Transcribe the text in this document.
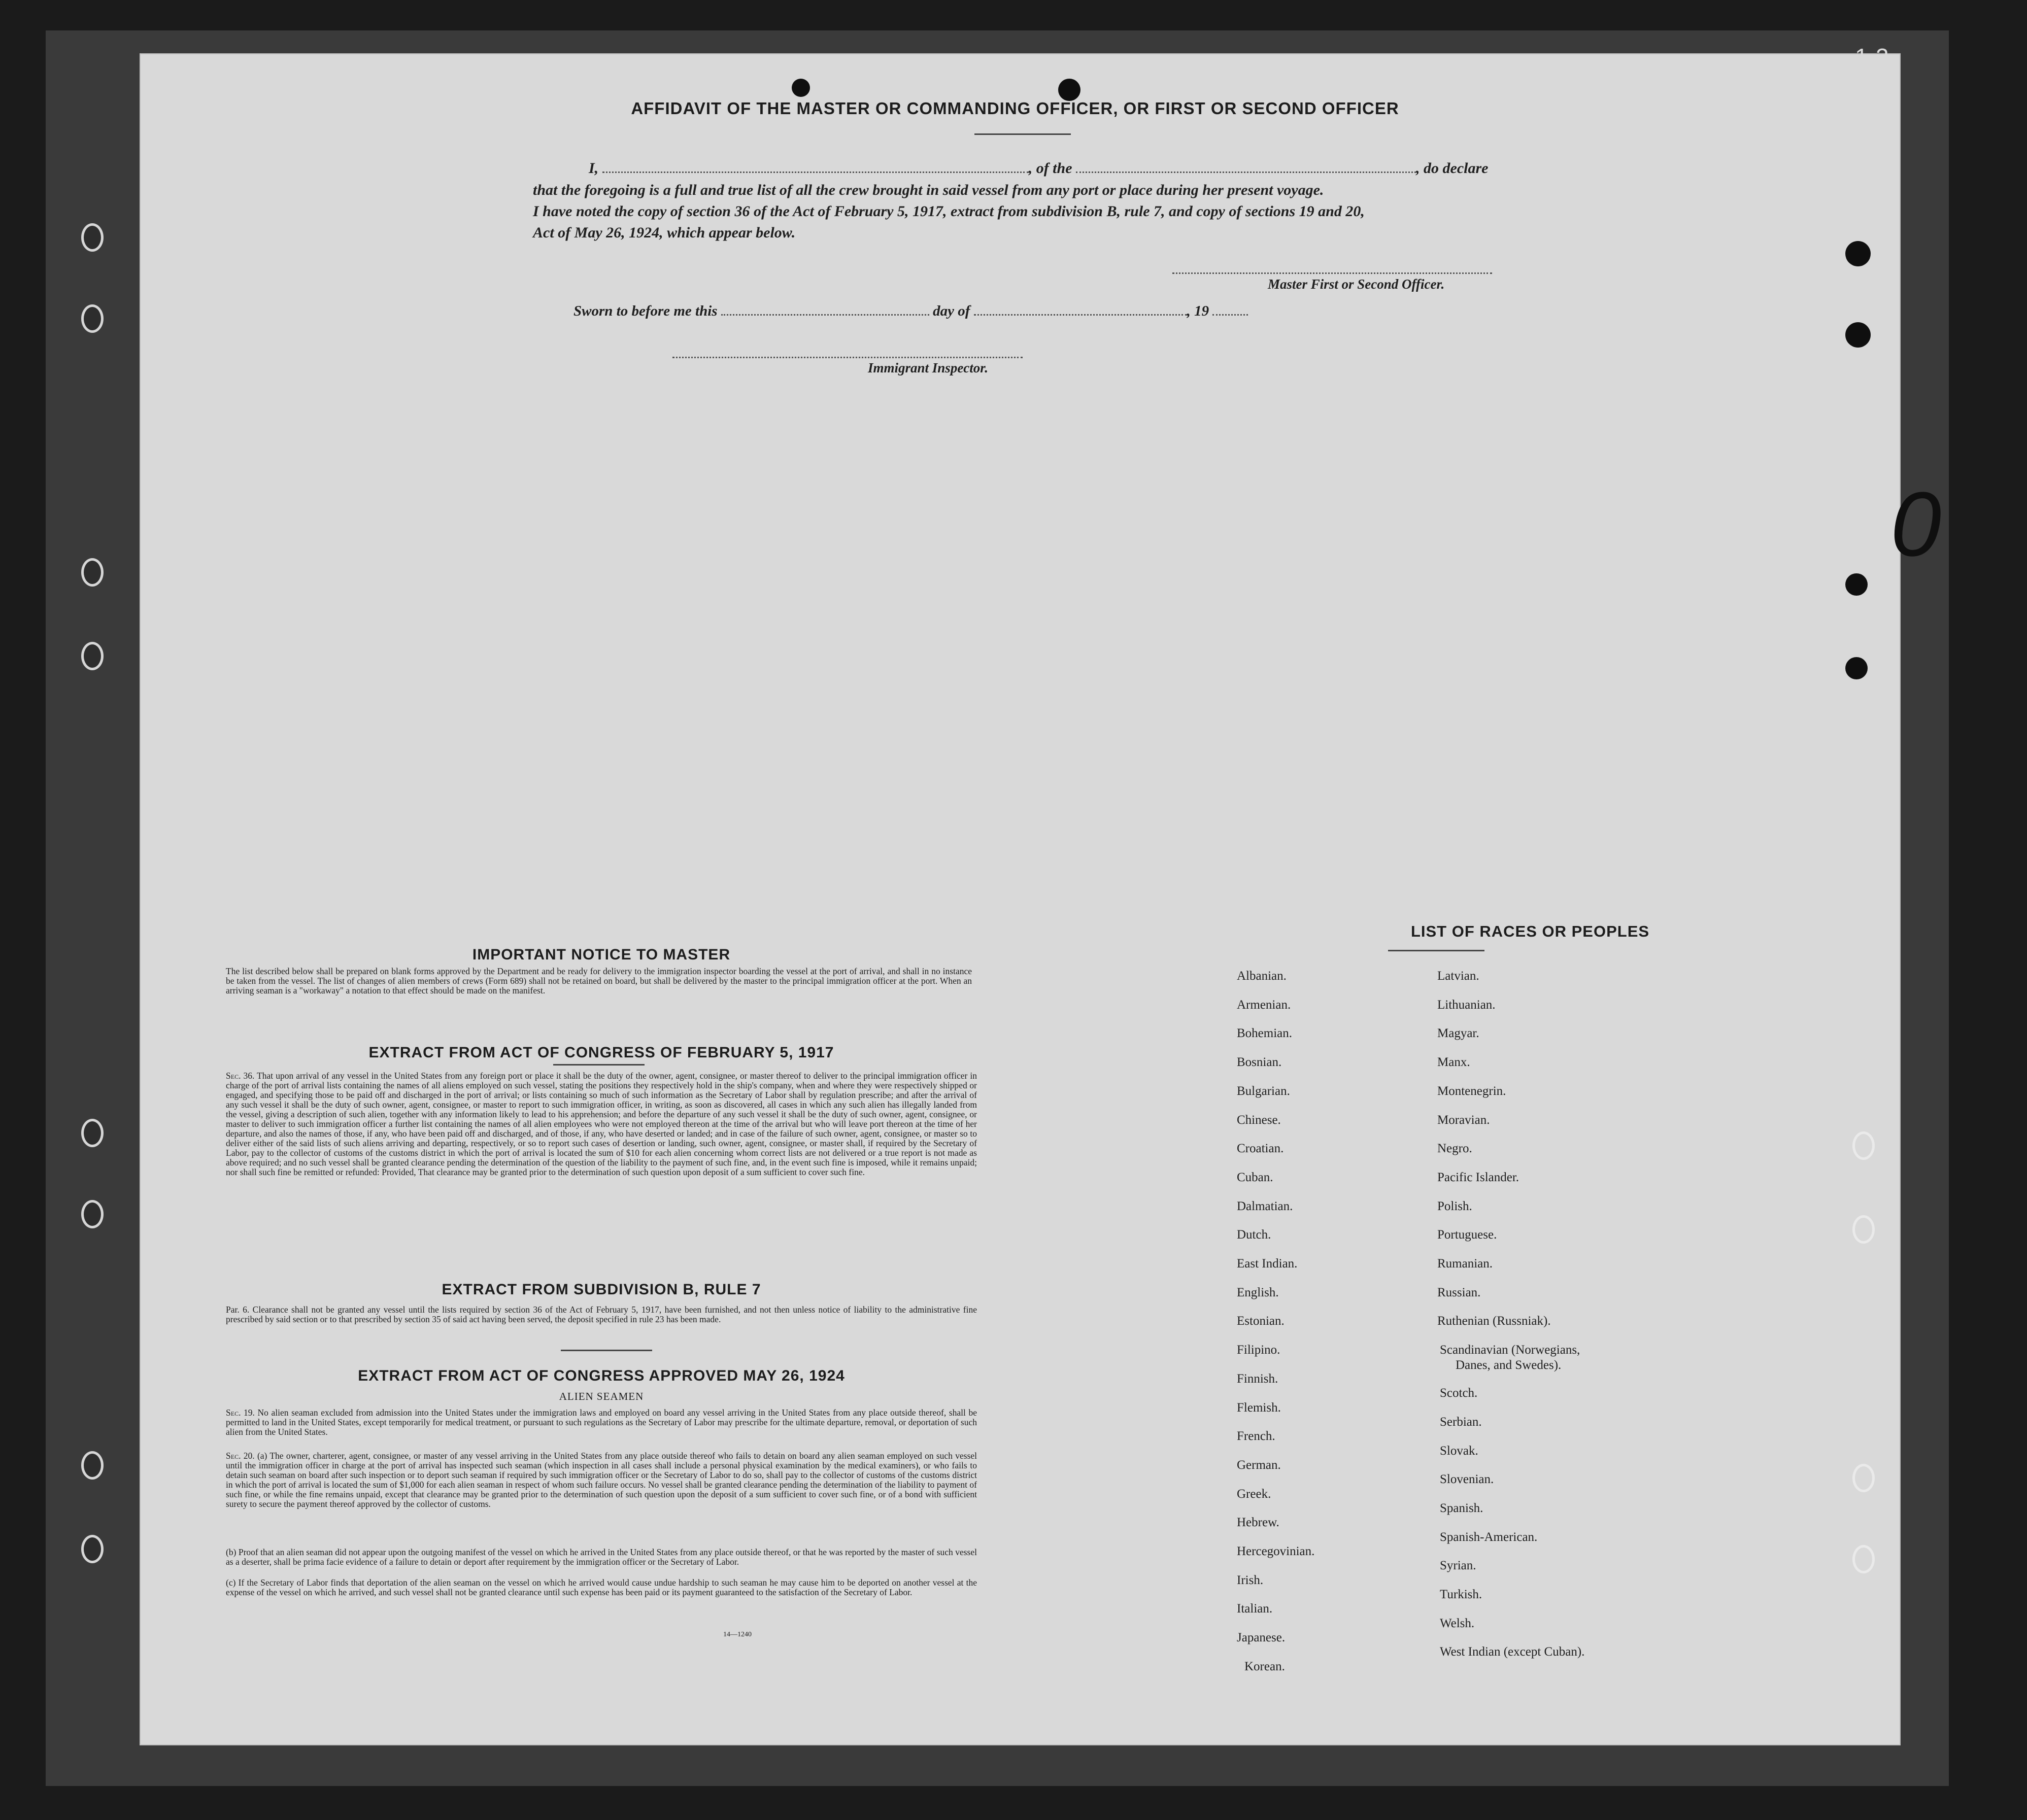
1-2
0
AFFIDAVIT OF THE MASTER OR COMMANDING OFFICER, OR FIRST OR SECOND OFFICER
I,	, of the	, do declare
that the foregoing is a full and true list of all the crew brought in said vessel from any port or place during her present voyage.
I have noted the copy of section 36 of the Act of February 5, 1917, extract from subdivision B, rule 7, and copy of sections 19 and 20,
Act of May 26, 1924, which appear below.
Master First or Second Officer.
Sworn to before me this	day of	, 19
Immigrant Inspector.
IMPORTANT NOTICE TO MASTER
The list described below shall be prepared on blank forms approved by the Department and be ready for delivery to the immigration inspector boarding the vessel at the port of arrival, and shall in no instance be taken from the vessel. The list of changes of alien members of crews (Form 689) shall not be retained on board, but shall be delivered by the master to the principal immigration officer at the port. When an arriving seaman is a "workaway" a notation to that effect should be made on the manifest.
EXTRACT FROM ACT OF CONGRESS OF FEBRUARY 5, 1917
Sec. 36. That upon arrival of any vessel in the United States from any foreign port or place it shall be the duty of the owner, agent, consignee, or master thereof to deliver to the principal immigration officer in charge of the port of arrival lists containing the names of all aliens employed on such vessel, stating the positions they respectively hold in the ship's company, when and where they were respectively shipped or engaged, and specifying those to be paid off and discharged in the port of arrival; or lists containing so much of such information as the Secretary of Labor shall by regulation prescribe; and after the arrival of any such vessel it shall be the duty of such owner, agent, consignee, or master to report to such immigration officer, in writing, as soon as discovered, all cases in which any such alien has illegally landed from the vessel, giving a description of such alien, together with any information likely to lead to his apprehension; and before the departure of any such vessel it shall be the duty of such owner, agent, consignee, or master to deliver to such immigration officer a further list containing the names of all alien employees who were not employed thereon at the time of the arrival but who will leave port thereon at the time of her departure, and also the names of those, if any, who have been paid off and discharged, and of those, if any, who have deserted or landed; and in case of the failure of such owner, agent, consignee, or master so to deliver either of the said lists of such aliens arriving and departing, respectively, or so to report such cases of desertion or landing, such owner, agent, consignee, or master shall, if required by the Secretary of Labor, pay to the collector of customs of the customs district in which the port of arrival is located the sum of $10 for each alien concerning whom correct lists are not delivered or a true report is not made as above required; and no such vessel shall be granted clearance pending the determination of the question of the liability to the payment of such fine, and, in the event such fine is imposed, while it remains unpaid; nor shall such fine be remitted or refunded: Provided, That clearance may be granted prior to the determination of such question upon deposit of a sum sufficient to cover such fine.
EXTRACT FROM SUBDIVISION B, RULE 7
Par. 6. Clearance shall not be granted any vessel until the lists required by section 36 of the Act of February 5, 1917, have been furnished, and not then unless notice of liability to the administrative fine prescribed by said section or to that prescribed by section 35 of said act having been served, the deposit specified in rule 23 has been made.
EXTRACT FROM ACT OF CONGRESS APPROVED MAY 26, 1924
ALIEN SEAMEN
Sec. 19. No alien seaman excluded from admission into the United States under the immigration laws and employed on board any vessel arriving in the United States from any place outside thereof, shall be permitted to land in the United States, except temporarily for medical treatment, or pursuant to such regulations as the Secretary of Labor may prescribe for the ultimate departure, removal, or deportation of such alien from the United States.
Sec. 20. (a) The owner, charterer, agent, consignee, or master of any vessel arriving in the United States from any place outside thereof who fails to detain on board any alien seaman employed on such vessel until the immigration officer in charge at the port of arrival has inspected such seaman (which inspection in all cases shall include a personal physical examination by the medical examiners), or who fails to detain such seaman on board after such inspection or to deport such seaman if required by such immigration officer or the Secretary of Labor to do so, shall pay to the collector of customs of the customs district in which the port of arrival is located the sum of $1,000 for each alien seaman in respect of whom such failure occurs. No vessel shall be granted clearance pending the determination of the liability to payment of such fine, or while the fine remains unpaid, except that clearance may be granted prior to the determination of such question upon the deposit of a sum sufficient to cover such fine, or of a bond with sufficient surety to secure the payment thereof approved by the collector of customs.
(b) Proof that an alien seaman did not appear upon the outgoing manifest of the vessel on which he arrived in the United States from any place outside thereof, or that he was reported by the master of such vessel as a deserter, shall be prima facie evidence of a failure to detain or deport after requirement by the immigration officer or the Secretary of Labor.
(c) If the Secretary of Labor finds that deportation of the alien seaman on the vessel on which he arrived would cause undue hardship to such seaman he may cause him to be deported on another vessel at the expense of the vessel on which he arrived, and such vessel shall not be granted clearance until such expense has been paid or its payment guaranteed to the satisfaction of the Secretary of Labor.
14—1240
LIST OF RACES OR PEOPLES
Albanian.
Armenian.
Bohemian.
Bosnian.
Bulgarian.
Chinese.
Croatian.
Cuban.
Dalmatian.
Dutch.
East Indian.
English.
Estonian.
Filipino.
Finnish.
Flemish.
French.
German.
Greek.
Hebrew.
Hercegovinian.
Irish.
Italian.
Japanese.
Korean.
Latvian.
Lithuanian.
Magyar.
Manx.
Montenegrin.
Moravian.
Negro.
Pacific Islander.
Polish.
Portuguese.
Rumanian.
Russian.
Ruthenian (Russniak).
Scandinavian (Norwegians,
Scotch.
Serbian.
Slovak.
Slovenian.
Spanish.
Spanish-American.
Syrian.
Turkish.
Welsh.
West Indian (except Cuban).
Danes, and Swedes).
